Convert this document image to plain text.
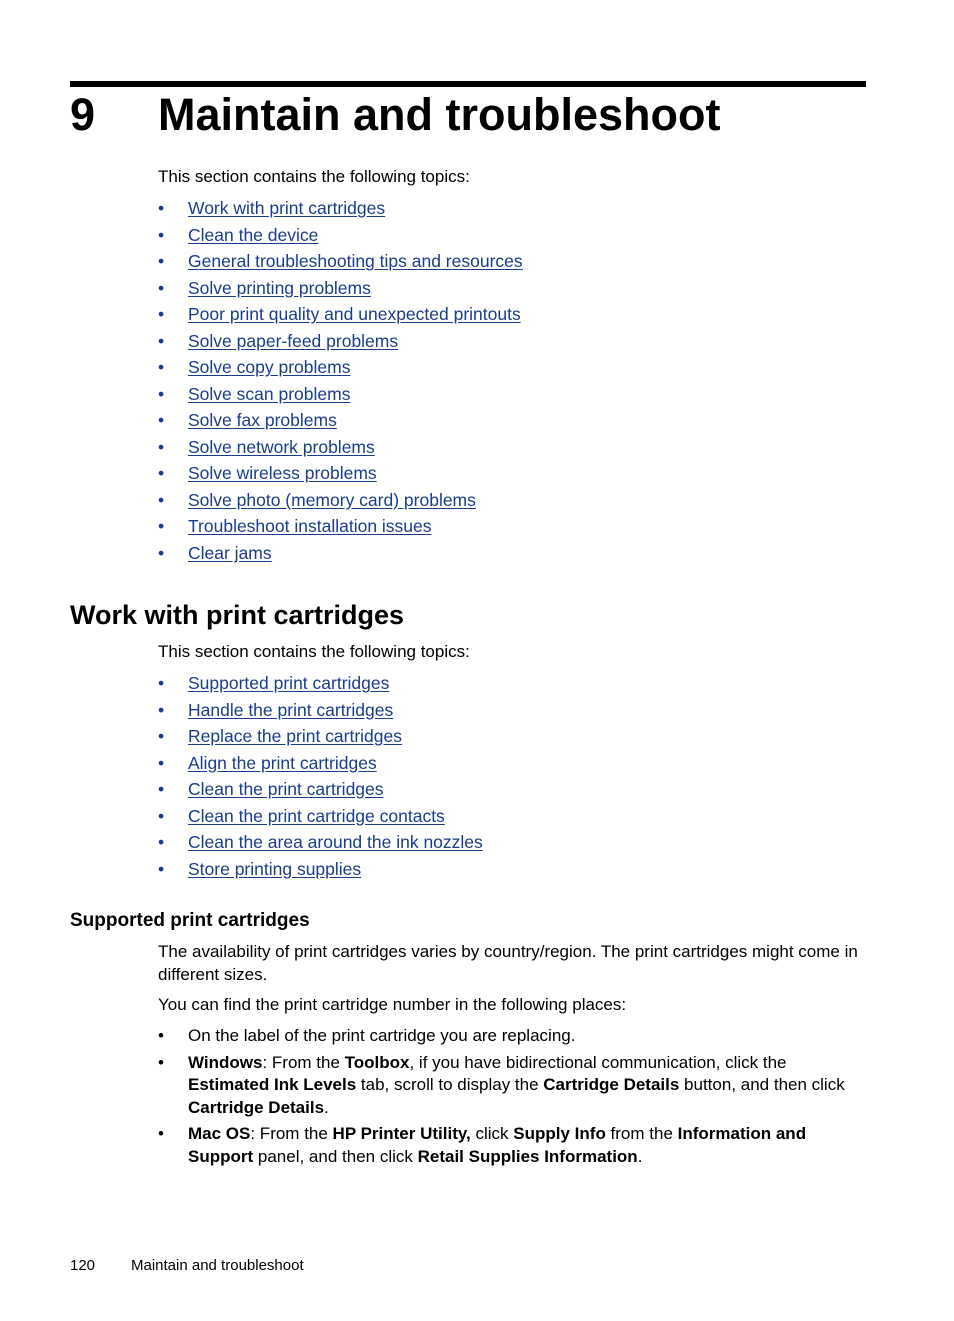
9 Maintain and troubleshoot
This section contains the following topics:
• Work with print cartridges
• Clean the device
• General troubleshooting tips and resources
• Solve printing problems
• Poor print quality and unexpected printouts
• Solve paper-feed problems
• Solve copy problems
• Solve scan problems
• Solve fax problems
• Solve network problems
• Solve wireless problems
• Solve photo (memory card) problems
• Troubleshoot installation issues
• Clear jams
Work with print cartridges
This section contains the following topics:
• Supported print cartridges
• Handle the print cartridges
• Replace the print cartridges
• Align the print cartridges
• Clean the print cartridges
• Clean the print cartridge contacts
• Clean the area around the ink nozzles
• Store printing supplies
Supported print cartridges
The availability of print cartridges varies by country/region. The print cartridges might come in different sizes.
You can find the print cartridge number in the following places:
• On the label of the print cartridge you are replacing.
• Windows: From the Toolbox, if you have bidirectional communication, click the Estimated Ink Levels tab, scroll to display the Cartridge Details button, and then click Cartridge Details.
• Mac OS: From the HP Printer Utility, click Supply Info from the Information and Support panel, and then click Retail Supplies Information.
120 Maintain and troubleshoot
